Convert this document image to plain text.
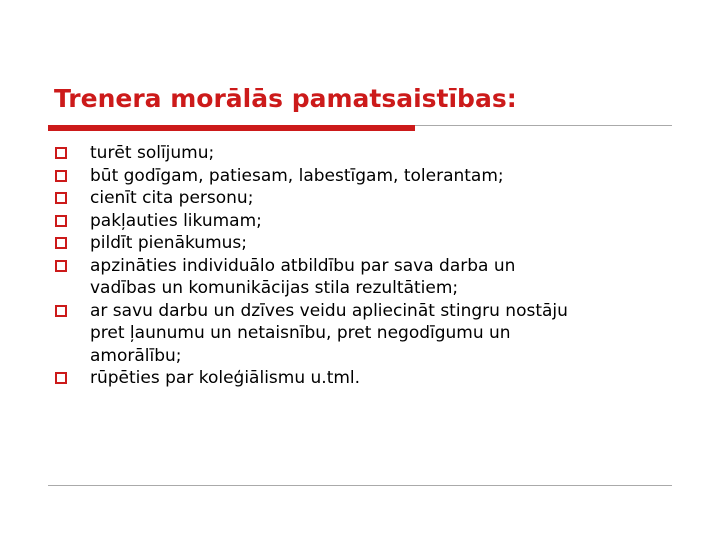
Trenera morālās pamatsaistības:
turēt solījumu;
būt godīgam, patiesam, labestīgam, tolerantam;
cienīt cita personu;
pakļauties likumam;
pildīt pienākumus;
apzināties individuālo atbildību par sava darba un
vadības un komunikācijas stila rezultātiem;
ar savu darbu un dzīves veidu apliecināt stingru nostāju
pret ļaunumu un netaisnību, pret negodīgumu un
amorālību;
rūpēties par koleģiālismu u.tml.
